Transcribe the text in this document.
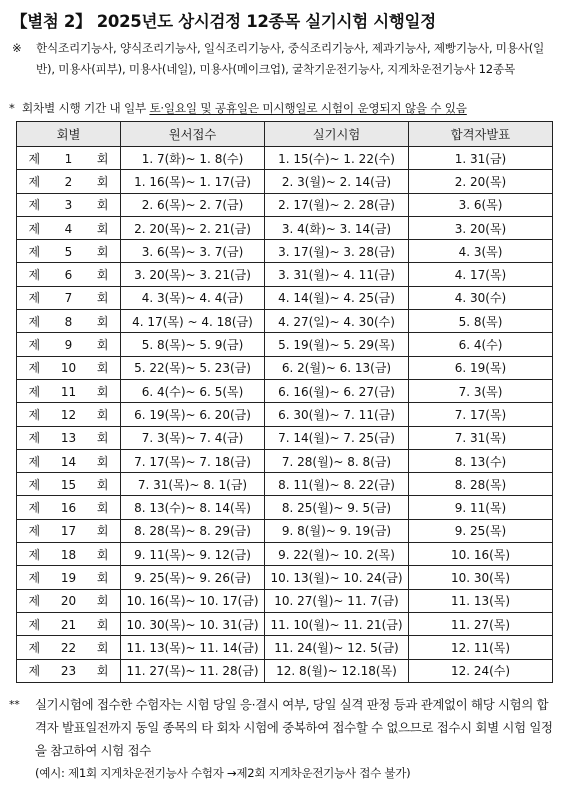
【별첨 2】 2025년도 상시검정 12종목 실기시험 시행일정
※ 한식조리기능사, 양식조리기능사, 일식조리기능사, 중식조리기능사, 제과기능사, 제빵기능사, 미용사(일반), 미용사(피부), 미용사(네일), 미용사(메이크업), 굴착기운전기능사, 지게차운전기능사 12종목
* 회차별 시행 기간 내 일부 토·일요일 및 공휴일은 미시행일로 시험이 운영되지 않을 수 있음
회별	원서접수	실기시험	합격자발표
제 1 회	1. 7(화)~ 1. 8(수)	1. 15(수)~ 1. 22(수)	1. 31(금)
제 2 회	1. 16(목)~ 1. 17(금)	2. 3(월)~ 2. 14(금)	2. 20(목)
제 3 회	2. 6(목)~ 2. 7(금)	2. 17(월)~ 2. 28(금)	3. 6(목)
제 4 회	2. 20(목)~ 2. 21(금)	3. 4(화)~ 3. 14(금)	3. 20(목)
제 5 회	3. 6(목)~ 3. 7(금)	3. 17(월)~ 3. 28(금)	4. 3(목)
제 6 회	3. 20(목)~ 3. 21(금)	3. 31(월)~ 4. 11(금)	4. 17(목)
제 7 회	4. 3(목)~ 4. 4(금)	4. 14(월)~ 4. 25(금)	4. 30(수)
제 8 회	4. 17(목) ~ 4. 18(금)	4. 27(일)~ 4. 30(수)	5. 8(목)
제 9 회	5. 8(목)~ 5. 9(금)	5. 19(월)~ 5. 29(목)	6. 4(수)
제 10 회	5. 22(목)~ 5. 23(금)	6. 2(월)~ 6. 13(금)	6. 19(목)
제 11 회	6. 4(수)~ 6. 5(목)	6. 16(월)~ 6. 27(금)	7. 3(목)
제 12 회	6. 19(목)~ 6. 20(금)	6. 30(월)~ 7. 11(금)	7. 17(목)
제 13 회	7. 3(목)~ 7. 4(금)	7. 14(월)~ 7. 25(금)	7. 31(목)
제 14 회	7. 17(목)~ 7. 18(금)	7. 28(월)~ 8. 8(금)	8. 13(수)
제 15 회	7. 31(목)~ 8. 1(금)	8. 11(월)~ 8. 22(금)	8. 28(목)
제 16 회	8. 13(수)~ 8. 14(목)	8. 25(월)~ 9. 5(금)	9. 11(목)
제 17 회	8. 28(목)~ 8. 29(금)	9. 8(월)~ 9. 19(금)	9. 25(목)
제 18 회	9. 11(목)~ 9. 12(금)	9. 22(월)~ 10. 2(목)	10. 16(목)
제 19 회	9. 25(목)~ 9. 26(금)	10. 13(월)~ 10. 24(금)	10. 30(목)
제 20 회	10. 16(목)~ 10. 17(금)	10. 27(월)~ 11. 7(금)	11. 13(목)
제 21 회	10. 30(목)~ 10. 31(금)	11. 10(월)~ 11. 21(금)	11. 27(목)
제 22 회	11. 13(목)~ 11. 14(금)	11. 24(월)~ 12. 5(금)	12. 11(목)
제 23 회	11. 27(목)~ 11. 28(금)	12. 8(월)~ 12.18(목)	12. 24(수)
** 실기시험에 접수한 수험자는 시험 당일 응·결시 여부, 당일 실격 판정 등과 관계없이 해당 시험의 합격자 발표일전까지 동일 종목의 타 회차 시험에 중복하여 접수할 수 없으므로 접수시 회별 시험 일정을 참고하여 시험 접수
(예시: 제1회 지게차운전기능사 수험자 →제2회 지게차운전기능사 접수 불가)
